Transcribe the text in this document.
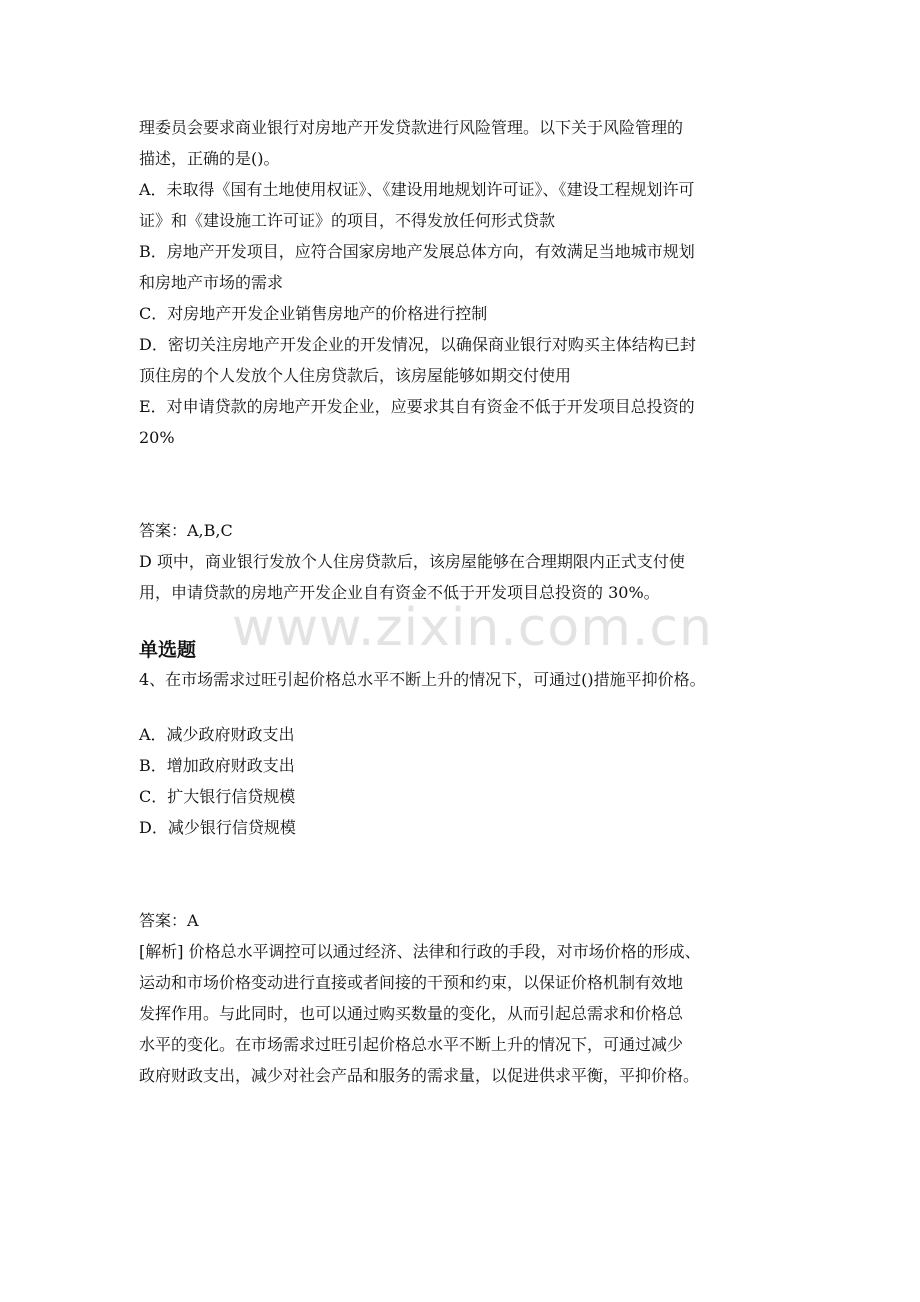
www.zixin.com.cn

理委员会要求商业银行对房地产开发贷款进行风险管理。以下关于风险管理的

描述，正确的是()。

A．未取得《国有土地使用权证》、《建设用地规划许可证》、《建设工程规划许可

证》和《建设施工许可证》的项目，不得发放任何形式贷款

B．房地产开发项目，应符合国家房地产发展总体方向，有效满足当地城市规划

和房地产市场的需求

C．对房地产开发企业销售房地产的价格进行控制

D．密切关注房地产开发企业的开发情况，以确保商业银行对购买主体结构已封

顶住房的个人发放个人住房贷款后，该房屋能够如期交付使用

E．对申请贷款的房地产开发企业，应要求其自有资金不低于开发项目总投资的

20%

答案：A,B,C

D 项中，商业银行发放个人住房贷款后，该房屋能够在合理期限内正式支付使

用，申请贷款的房地产开发企业自有资金不低于开发项目总投资的 30%。

单选题

4、在市场需求过旺引起价格总水平不断上升的情况下，可通过()措施平抑价格。

A．减少政府财政支出

B．增加政府财政支出

C．扩大银行信贷规模

D．减少银行信贷规模

答案：A

[解析] 价格总水平调控可以通过经济、法律和行政的手段，对市场价格的形成、

运动和市场价格变动进行直接或者间接的干预和约束，以保证价格机制有效地

发挥作用。与此同时，也可以通过购买数量的变化，从而引起总需求和价格总

水平的变化。在市场需求过旺引起价格总水平不断上升的情况下，可通过减少

政府财政支出，减少对社会产品和服务的需求量，以促进供求平衡，平抑价格。
